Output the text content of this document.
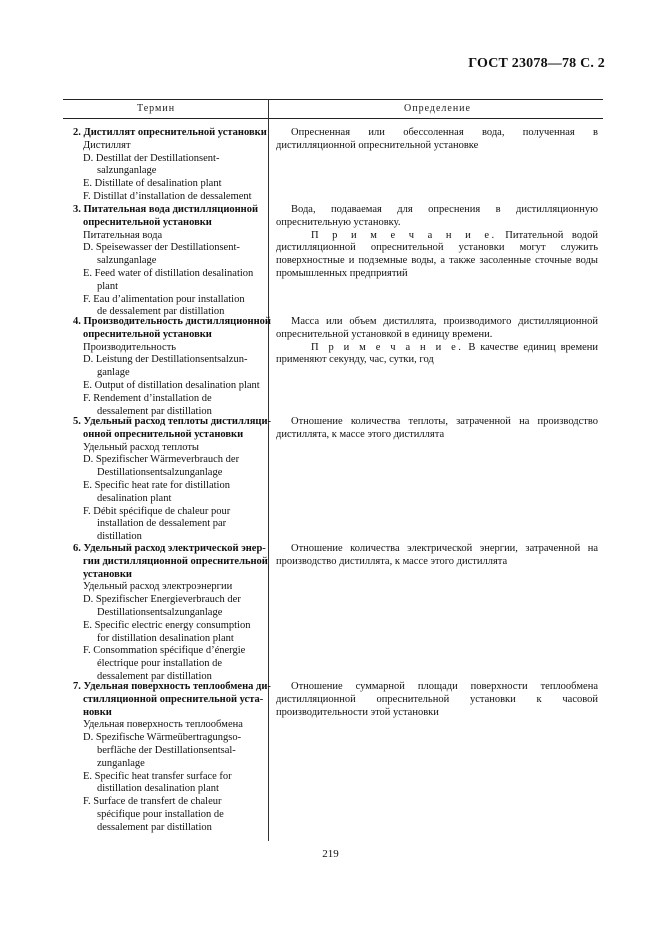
ГОСТ 23078—78 С. 2
Термин	Определение
2. Дистиллят опреснительной установки
Дистиллят
D. Destillat der Destillationsent-
salzunganlage
E. Distillate of desalination plant
F. Distillat d’installation de dessalement

Опресненная или обессоленная вода, полученная в дистилляционной опреснительной установке

3. Питательная вода дистилляционной
опреснительной установки
Питательная вода
D. Speisewasser der Destillationsent-
salzunganlage
E. Feed water of distillation desalination
plant
F. Eau d’alimentation pour installation
de dessalement par distillation

Вода, подаваемая для опреснения в дистилляционную опреснительную установку.

П р и м е ч а н и е. Питательной водой дистилляционной опреснительной установки могут служить поверхностные и подземные воды, а также засоленные сточные воды промышленных предприятий

4. Производительность дистилляционной
опреснительной установки
Производительность
D. Leistung der Destillationsentsalzun-
ganlage
E. Output of distillation desalination plant
F. Rendement d’installation de
dessalement par distillation

Масса или объем дистиллята, производимого дистилляционной опреснительной установкой в единицу времени.

П р и м е ч а н и е. В качестве единиц времени применяют секунду, час, сутки, год

5. Удельный расход теплоты дистилляци-
онной опреснительной установки
Удельный расход теплоты
D. Spezifischer Wärmeverbrauch der
Destillationsentsalzunganlage
E. Specific heat rate for distillation
desalination plant
F. Débit spécifique de chaleur pour
installation de dessalement par
distillation

Отношение количества теплоты, затраченной на производство дистиллята, к массе этого дистиллята

6. Удельный расход электрической энер-
гии дистилляционной опреснительной
установки
Удельный расход электроэнергии
D. Spezifischer Energieverbrauch der
Destillationsentsalzunganlage
E. Specific electric energy consumption
for distillation desalination plant
F. Consommation spécifique d’énergie
électrique pour installation de
dessalement par distillation

Отношение количества электрической энергии, затраченной на производство дистиллята, к массе этого дистиллята

7. Удельная поверхность теплообмена ди-
стилляционной опреснительной уста-
новки
Удельная поверхность теплообмена
D. Spezifische Wärmeübertragungso-
berfläche der Destillationsentsal-
zunganlage
E. Specific heat transfer surface for
distillation desalination plant
F. Surface de transfert de chaleur
spécifique pour installation de
dessalement par distillation

Отношение суммарной площади поверхности теплообмена дистилляционной опреснительной установки к часовой производительности этой установки

219
